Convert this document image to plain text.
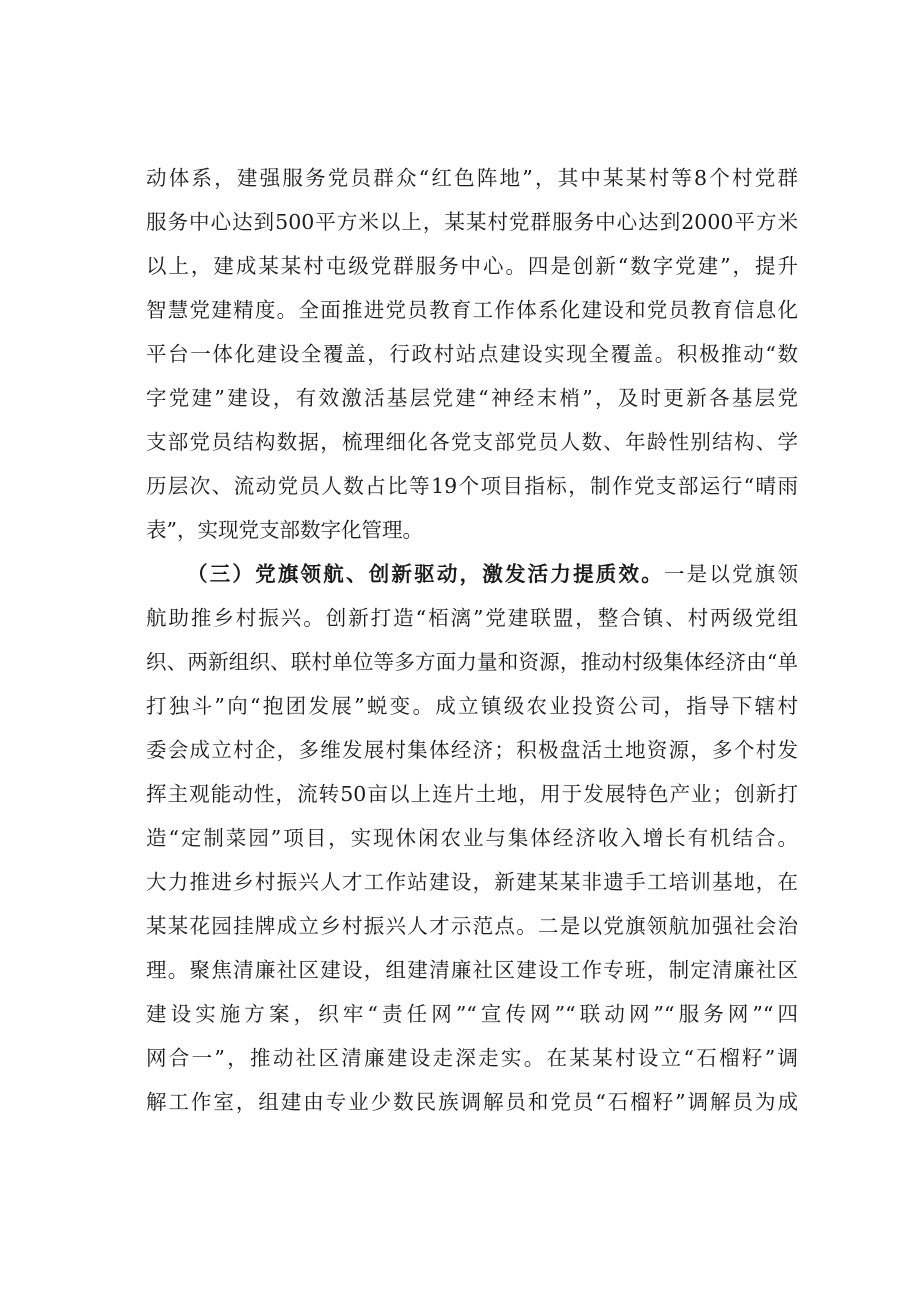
动体系，建强服务党员群众“红色阵地”，其中某某村等8个村党群
服务中心达到500平方米以上，某某村党群服务中心达到2000平方米
以上，建成某某村屯级党群服务中心。四是创新“数字党建”，提升
智慧党建精度。全面推进党员教育工作体系化建设和党员教育信息化
平台一体化建设全覆盖，行政村站点建设实现全覆盖。积极推动“数
字党建”建设，有效激活基层党建“神经末梢”，及时更新各基层党
支部党员结构数据，梳理细化各党支部党员人数、年龄性别结构、学
历层次、流动党员人数占比等19个项目指标，制作党支部运行“晴雨
表”，实现党支部数字化管理。
（三）党旗领航、创新驱动，激发活力提质效。一是以党旗领
航助推乡村振兴。创新打造“栢漓”党建联盟，整合镇、村两级党组
织、两新组织、联村单位等多方面力量和资源，推动村级集体经济由“单
打独斗”向“抱团发展”蜕变。成立镇级农业投资公司，指导下辖村
委会成立村企，多维发展村集体经济；积极盘活土地资源，多个村发
挥主观能动性，流转50亩以上连片土地，用于发展特色产业；创新打
造“定制菜园”项目，实现休闲农业与集体经济收入增长有机结合。
大力推进乡村振兴人才工作站建设，新建某某非遗手工培训基地，在
某某花园挂牌成立乡村振兴人才示范点。二是以党旗领航加强社会治
理。聚焦清廉社区建设，组建清廉社区建设工作专班，制定清廉社区
建设实施方案，织牢“责任网”“宣传网”“联动网”“服务网”“四
网合一”，推动社区清廉建设走深走实。在某某村设立“石榴籽”调
解工作室，组建由专业少数民族调解员和党员“石榴籽”调解员为成
